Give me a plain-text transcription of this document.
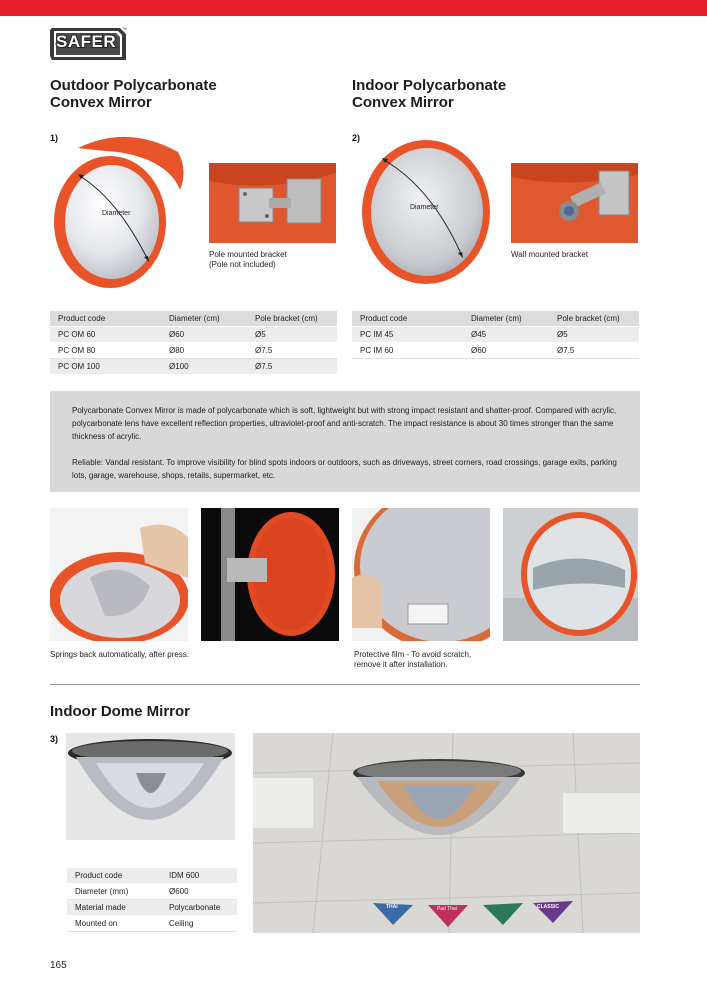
SAFER
™
Outdoor Polycarbonate
Convex Mirror
1)
Diameter
Pole mounted bracket
(Pole not included)
Indoor Polycarbonate
Convex Mirror
2)
Diameter
Wall mounted bracket
Product code	Diameter (cm)	Pole bracket (cm)
PC OM 60	Ø60	Ø5
PC OM 80	Ø80	Ø7.5
PC OM 100	Ø100	Ø7.5
Product code	Diameter (cm)	Pole bracket (cm)
PC IM 45	Ø45	Ø5
PC IM 60	Ø60	Ø7.5

Polycarbonate Convex Mirror is made of polycarbonate which is soft, lightweight but with strong impact resistant and shatter-proof. Compared with acrylic, polycarbonate lens have excellent reflection properties, ultraviolet-proof and anti-scratch. The impact resistance is about 30 times stronger than the same thickness of acrylic.

Reliable: Vandal resistant. To improve visibility for blind spots indoors or outdoors, such as driveways, street corners, road crossings, garage exits, parking lots, garage, warehouse, shops, retails, supermarket, etc.

Springs back automatically, after press.	Protective film - To avoid scratch,
remove it after installation.
Indoor Dome Mirror
3)
Product code	IDM 600
Diameter (mm)	Ø600
Material made	Polycarbonate
Mounted on	Ceiling
THAI	Pad Thai	CLASSIC
165
